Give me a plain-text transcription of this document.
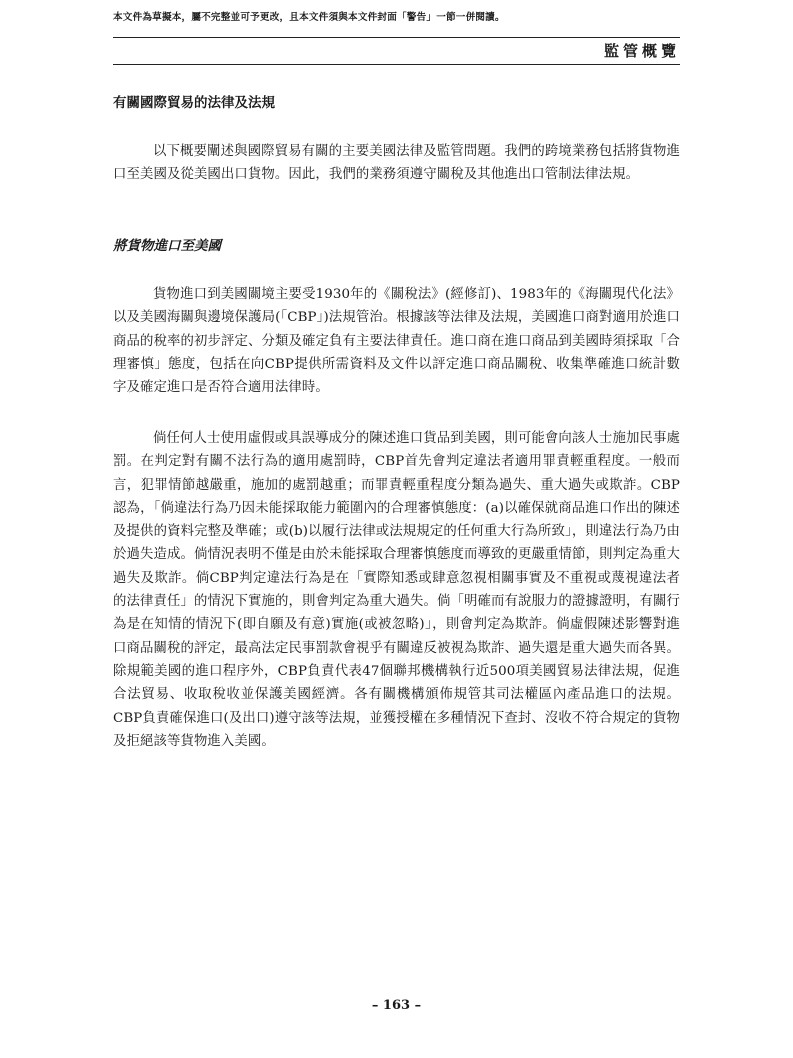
本文件為草擬本，屬不完整並可予更改，且本文件須與本文件封面「警告」一節一併閱讀。
監管概覽
有關國際貿易的法律及法規

以下概要闡述與國際貿易有關的主要美國法律及監管問題。我們的跨境業務包括將貨物進口至美國及從美國出口貨物。因此，我們的業務須遵守關稅及其他進出口管制法律法規。

將貨物進口至美國

貨物進口到美國關境主要受1930年的《關稅法》(經修訂)、1983年的《海關現代化法》以及美國海關與邊境保護局(「CBP」)法規管治。根據該等法律及法規，美國進口商對適用於進口商品的稅率的初步評定、分類及確定負有主要法律責任。進口商在進口商品到美國時須採取「合理審慎」態度，包括在向CBP提供所需資料及文件以評定進口商品關稅、收集準確進口統計數字及確定進口是否符合適用法律時。

倘任何人士使用虛假或具誤導成分的陳述進口貨品到美國，則可能會向該人士施加民事處罰。在判定對有關不法行為的適用處罰時，CBP首先會判定違法者適用罪責輕重程度。一般而言，犯罪情節越嚴重，施加的處罰越重；而罪責輕重程度分類為過失、重大過失或欺詐。CBP認為，「倘違法行為乃因未能採取能力範圍內的合理審慎態度：(a)以確保就商品進口作出的陳述及提供的資料完整及準確；或(b)以履行法律或法規規定的任何重大行為所致」，則違法行為乃由於過失造成。倘情況表明不僅是由於未能採取合理審慎態度而導致的更嚴重情節，則判定為重大過失及欺詐。倘CBP判定違法行為是在「實際知悉或肆意忽視相關事實及不重視或蔑視違法者的法律責任」的情況下實施的，則會判定為重大過失。倘「明確而有說服力的證據證明，有關行為是在知情的情況下(即自願及有意)實施(或被忽略)」，則會判定為欺詐。倘虛假陳述影響對進口商品關稅的評定，最高法定民事罰款會視乎有關違反被視為欺詐、過失還是重大過失而各異。除規範美國的進口程序外，CBP負責代表47個聯邦機構執行近500項美國貿易法律法規，促進合法貿易、收取稅收並保護美國經濟。各有關機構頒佈規管其司法權區內產品進口的法規。CBP負責確保進口(及出口)遵守該等法規，並獲授權在多種情況下查封、沒收不符合規定的貨物及拒絕該等貨物進入美國。

– 163 –
